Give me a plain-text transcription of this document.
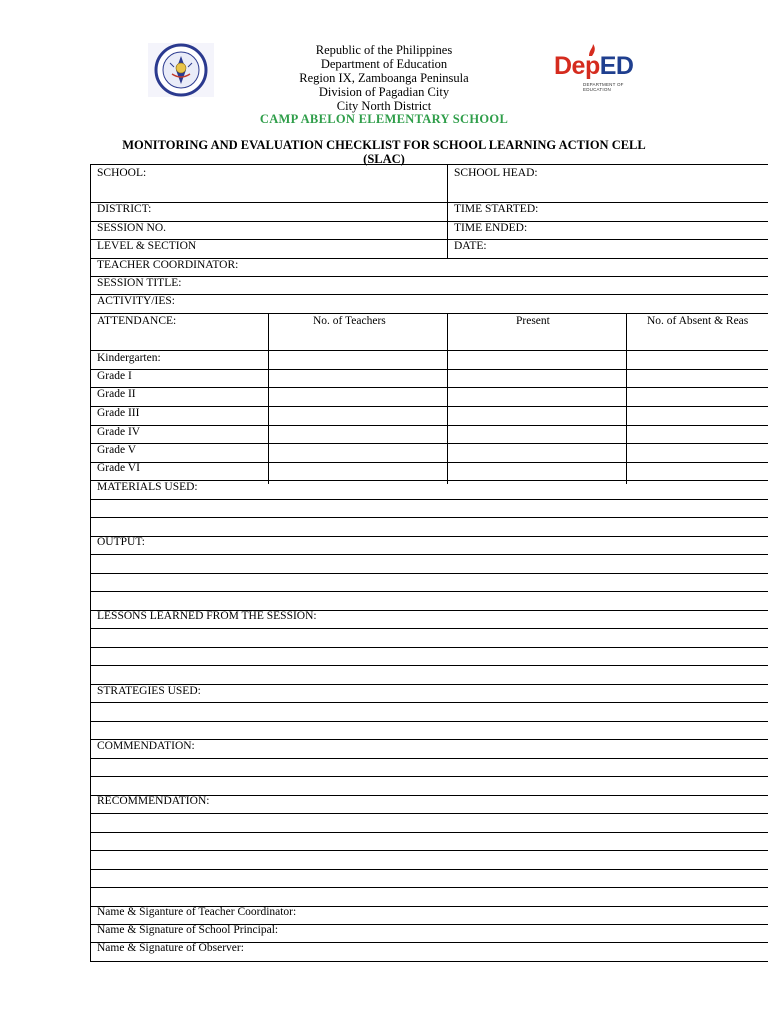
Republic of the Philippines
Department of Education
Region IX, Zamboanga Peninsula
Division of Pagadian City
City North District
CAMP ABELON ELEMENTARY SCHOOL
DepED
DEPARTMENT OF EDUCATION
MONITORING AND EVALUATION CHECKLIST FOR SCHOOL LEARNING ACTION CELL
(SLAC)
SCHOOL:	SCHOOL HEAD:
DISTRICT:	TIME STARTED:
SESSION NO.	TIME ENDED:
LEVEL & SECTION	DATE:
TEACHER COORDINATOR:
SESSION TITLE:
ACTIVITY/IES:
ATTENDANCE:	No. of Teachers	Present	No. of Absent & Reas
Kindergarten:
Grade I
Grade II
Grade III
Grade IV
Grade V
Grade VI
MATERIALS USED:
OUTPUT:
LESSONS LEARNED FROM THE SESSION:
STRATEGIES USED:
COMMENDATION:
RECOMMENDATION:
Name & Siganture of Teacher Coordinator:
Name & Signature of School Principal:
Name & Signature of Observer:
